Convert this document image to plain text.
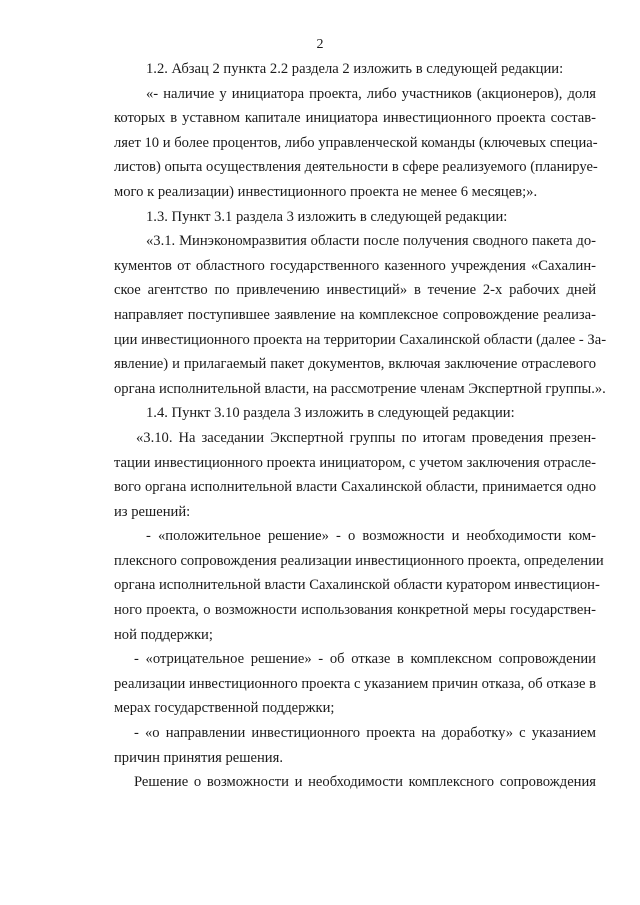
2
1.2. Абзац 2 пункта 2.2 раздела 2 изложить в следующей редакции:
«- наличие у инициатора проекта, либо участников (акционеров), доля
которых в уставном капитале инициатора инвестиционного проекта состав-
ляет 10 и более процентов, либо управленческой команды (ключевых специа-
листов) опыта осуществления деятельности в сфере реализуемого (планируе-
мого к реализации) инвестиционного проекта не менее 6 месяцев;».
1.3. Пункт 3.1 раздела 3 изложить в следующей редакции:
«3.1. Минэкономразвития области после получения сводного пакета до-
кументов от областного государственного казенного учреждения «Сахалин-
ское агентство по привлечению инвестиций» в течение 2-х рабочих дней
направляет поступившее заявление на комплексное сопровождение реализа-
ции инвестиционного проекта на территории Сахалинской области (далее - За-
явление) и прилагаемый пакет документов, включая заключение отраслевого
органа исполнительной власти, на рассмотрение членам Экспертной группы.».
1.4. Пункт 3.10 раздела 3 изложить в следующей редакции:
«3.10. На заседании Экспертной группы по итогам проведения презен-
тации инвестиционного проекта инициатором, с учетом заключения отрасле-
вого органа исполнительной власти Сахалинской области, принимается одно
из решений:
- «положительное решение» - о возможности и необходимости ком-
плексного сопровождения реализации инвестиционного проекта, определении
органа исполнительной власти Сахалинской области куратором инвестицион-
ного проекта, о возможности использования конкретной меры государствен-
ной поддержки;
- «отрицательное решение» - об отказе в комплексном сопровождении
реализации инвестиционного проекта с указанием причин отказа, об отказе в
мерах государственной поддержки;
- «о направлении инвестиционного проекта на доработку» с указанием
причин принятия решения.
Решение о возможности и необходимости комплексного сопровождения
